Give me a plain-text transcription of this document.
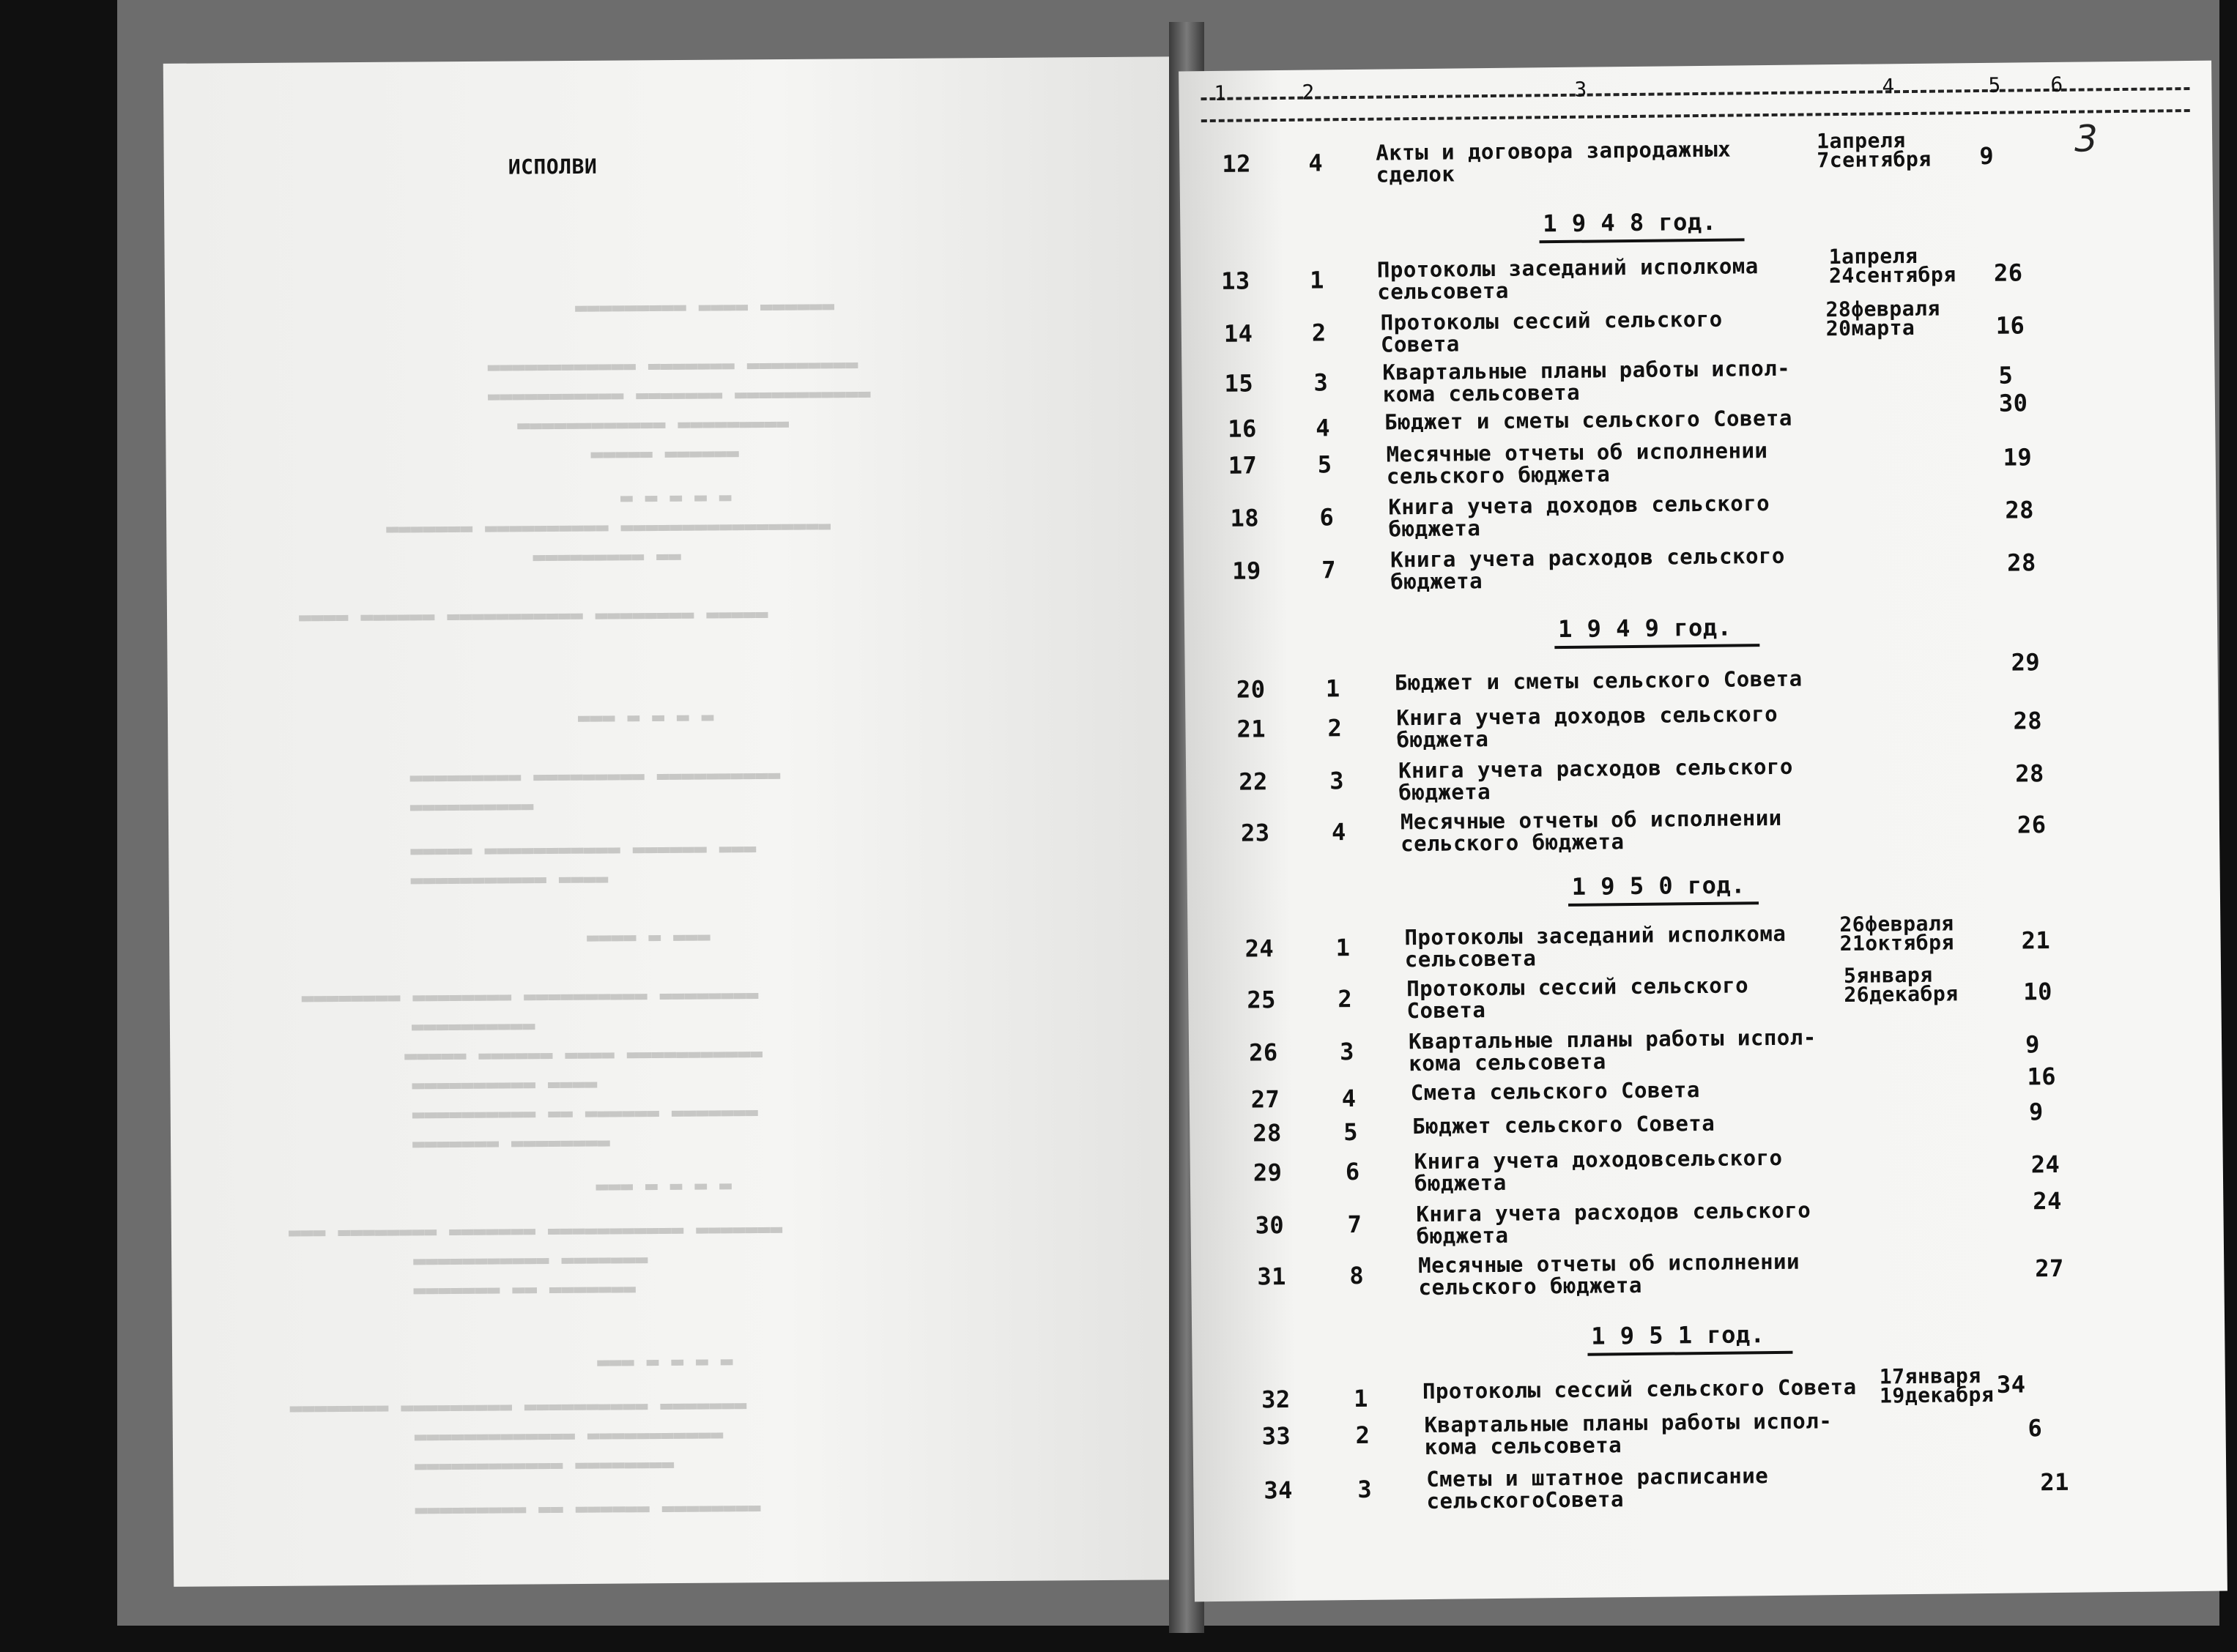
ИСПОЛВИ
▬▬▬▬▬▬ ▬▬▬▬ ▬▬▬▬▬▬▬▬▬
▬▬▬▬▬▬▬▬▬ ▬▬▬▬▬▬▬ ▬▬▬▬▬▬▬▬▬▬▬▬
▬▬▬▬▬▬▬▬▬▬▬ ▬▬▬▬▬▬▬ ▬▬▬▬▬▬▬▬▬▬▬
▬▬▬▬▬▬▬▬▬ ▬▬▬▬▬▬▬▬▬▬▬▬
▬▬▬▬▬▬ ▬▬▬▬▬
▬ ▬ ▬ ▬ ▬
▬▬▬▬▬▬▬▬▬▬▬▬▬▬▬▬▬ ▬▬▬▬▬▬▬▬▬▬ ▬▬▬▬▬▬▬
▬▬ ▬▬▬▬▬▬▬▬▬
▬▬▬▬▬ ▬▬▬▬▬▬▬▬ ▬▬▬▬▬▬▬▬▬▬▬ ▬▬▬▬▬▬ ▬▬▬▬
▬ ▬ ▬ ▬ ▬▬▬
▬▬▬▬▬▬▬▬▬▬ ▬▬▬▬▬▬▬▬▬ ▬▬▬▬▬▬▬▬▬
▬▬▬▬▬▬▬▬▬▬
▬▬▬ ▬▬▬▬▬▬ ▬▬▬▬▬▬▬▬▬▬▬ ▬▬▬▬▬
▬▬▬▬ ▬▬▬▬▬▬▬▬▬▬▬
▬▬▬ ▬ ▬▬▬▬
▬▬▬▬▬▬▬▬ ▬▬▬▬▬▬▬▬▬▬ ▬▬▬▬▬▬▬▬ ▬▬▬▬▬▬▬▬
▬▬▬▬▬▬▬▬▬▬
▬▬▬▬▬▬▬▬▬▬▬ ▬▬▬▬ ▬▬▬▬▬▬ ▬▬▬▬▬
▬▬▬▬ ▬▬▬▬▬▬▬▬▬▬
▬▬▬▬▬▬▬ ▬▬▬▬▬▬ ▬▬ ▬▬▬▬▬▬▬▬▬▬
▬▬▬▬▬▬▬▬ ▬▬▬▬▬▬▬
▬ ▬ ▬ ▬ ▬▬▬
▬▬▬▬▬▬▬ ▬▬▬▬▬▬▬▬▬▬▬ ▬▬▬▬▬▬▬ ▬▬▬▬▬▬▬▬ ▬▬▬
▬▬▬▬▬▬▬ ▬▬▬▬▬▬▬▬▬▬▬
▬▬▬▬▬▬▬ ▬▬ ▬▬▬▬▬▬▬
▬ ▬ ▬ ▬ ▬▬▬
▬▬▬▬▬▬▬ ▬▬▬▬▬▬▬▬▬▬ ▬▬▬▬▬▬▬▬▬ ▬▬▬▬▬▬▬▬
▬▬▬▬▬▬▬▬▬▬▬ ▬▬▬▬▬▬▬▬▬▬▬▬▬
▬▬▬▬▬▬▬▬ ▬▬▬▬▬▬▬▬▬▬▬▬
▬▬▬▬▬▬▬▬ ▬▬▬▬▬▬ ▬▬ ▬▬▬▬▬▬▬▬▬
1	2	3	4	5 6
3
12 4 Акты и договора запродажных
сделок
1апреля
7сентября 9
1 9 4 8 год.
13	1 Протоколы заседаний исполкома
сельсовета
1апреля
24сентября 26
14	2	Протоколы сессий сельского
Совета
28февраля
20марта	16
15	3	Квартальные планы работы испол-
кома сельсовета
5
16	4	Бюджет и сметы сельского Совета
30
17	5	Месячные отчеты об исполнении
сельского бюджета
19
18	6	Книга учета доходов сельского
бюджета
28
19	7	Книга учета расходов сельского
бюджета
28
1 9 4 9 год.
20	1	Бюджет и сметы сельского Совета
29
21	2	Книга учета доходов сельского
бюджета
28
22	3	Книга учета расходов сельского
бюджета
28
23	4	Месячные отчеты об исполнении
сельского бюджета
26
1 9 5 0 год.
24	1	Протоколы заседаний исполкома
сельсовета
26февраля
21октября	21
25	2	Протоколы сессий сельского
Совета
5января
26декабря	10
26	3	Квартальные планы работы испол-
кома сельсовета
9
27	4	Смета сельского Совета
16
28	5	Бюджет сельского Совета	9
29	6	Книга учета доходовсельского
бюджета
24
30	7	Книга учета расходов сельского
бюджета
24
31	8	Месячные отчеты об исполнении
сельского бюджета
27
1 9 5 1 год.
32	1	Протоколы сессий сельского Совета 17января
19декабря 34
33	2	Квартальные планы работы испол-
кома сельсовета
6
34	3	Сметы и штатное расписание
сельскогоСовета
21
